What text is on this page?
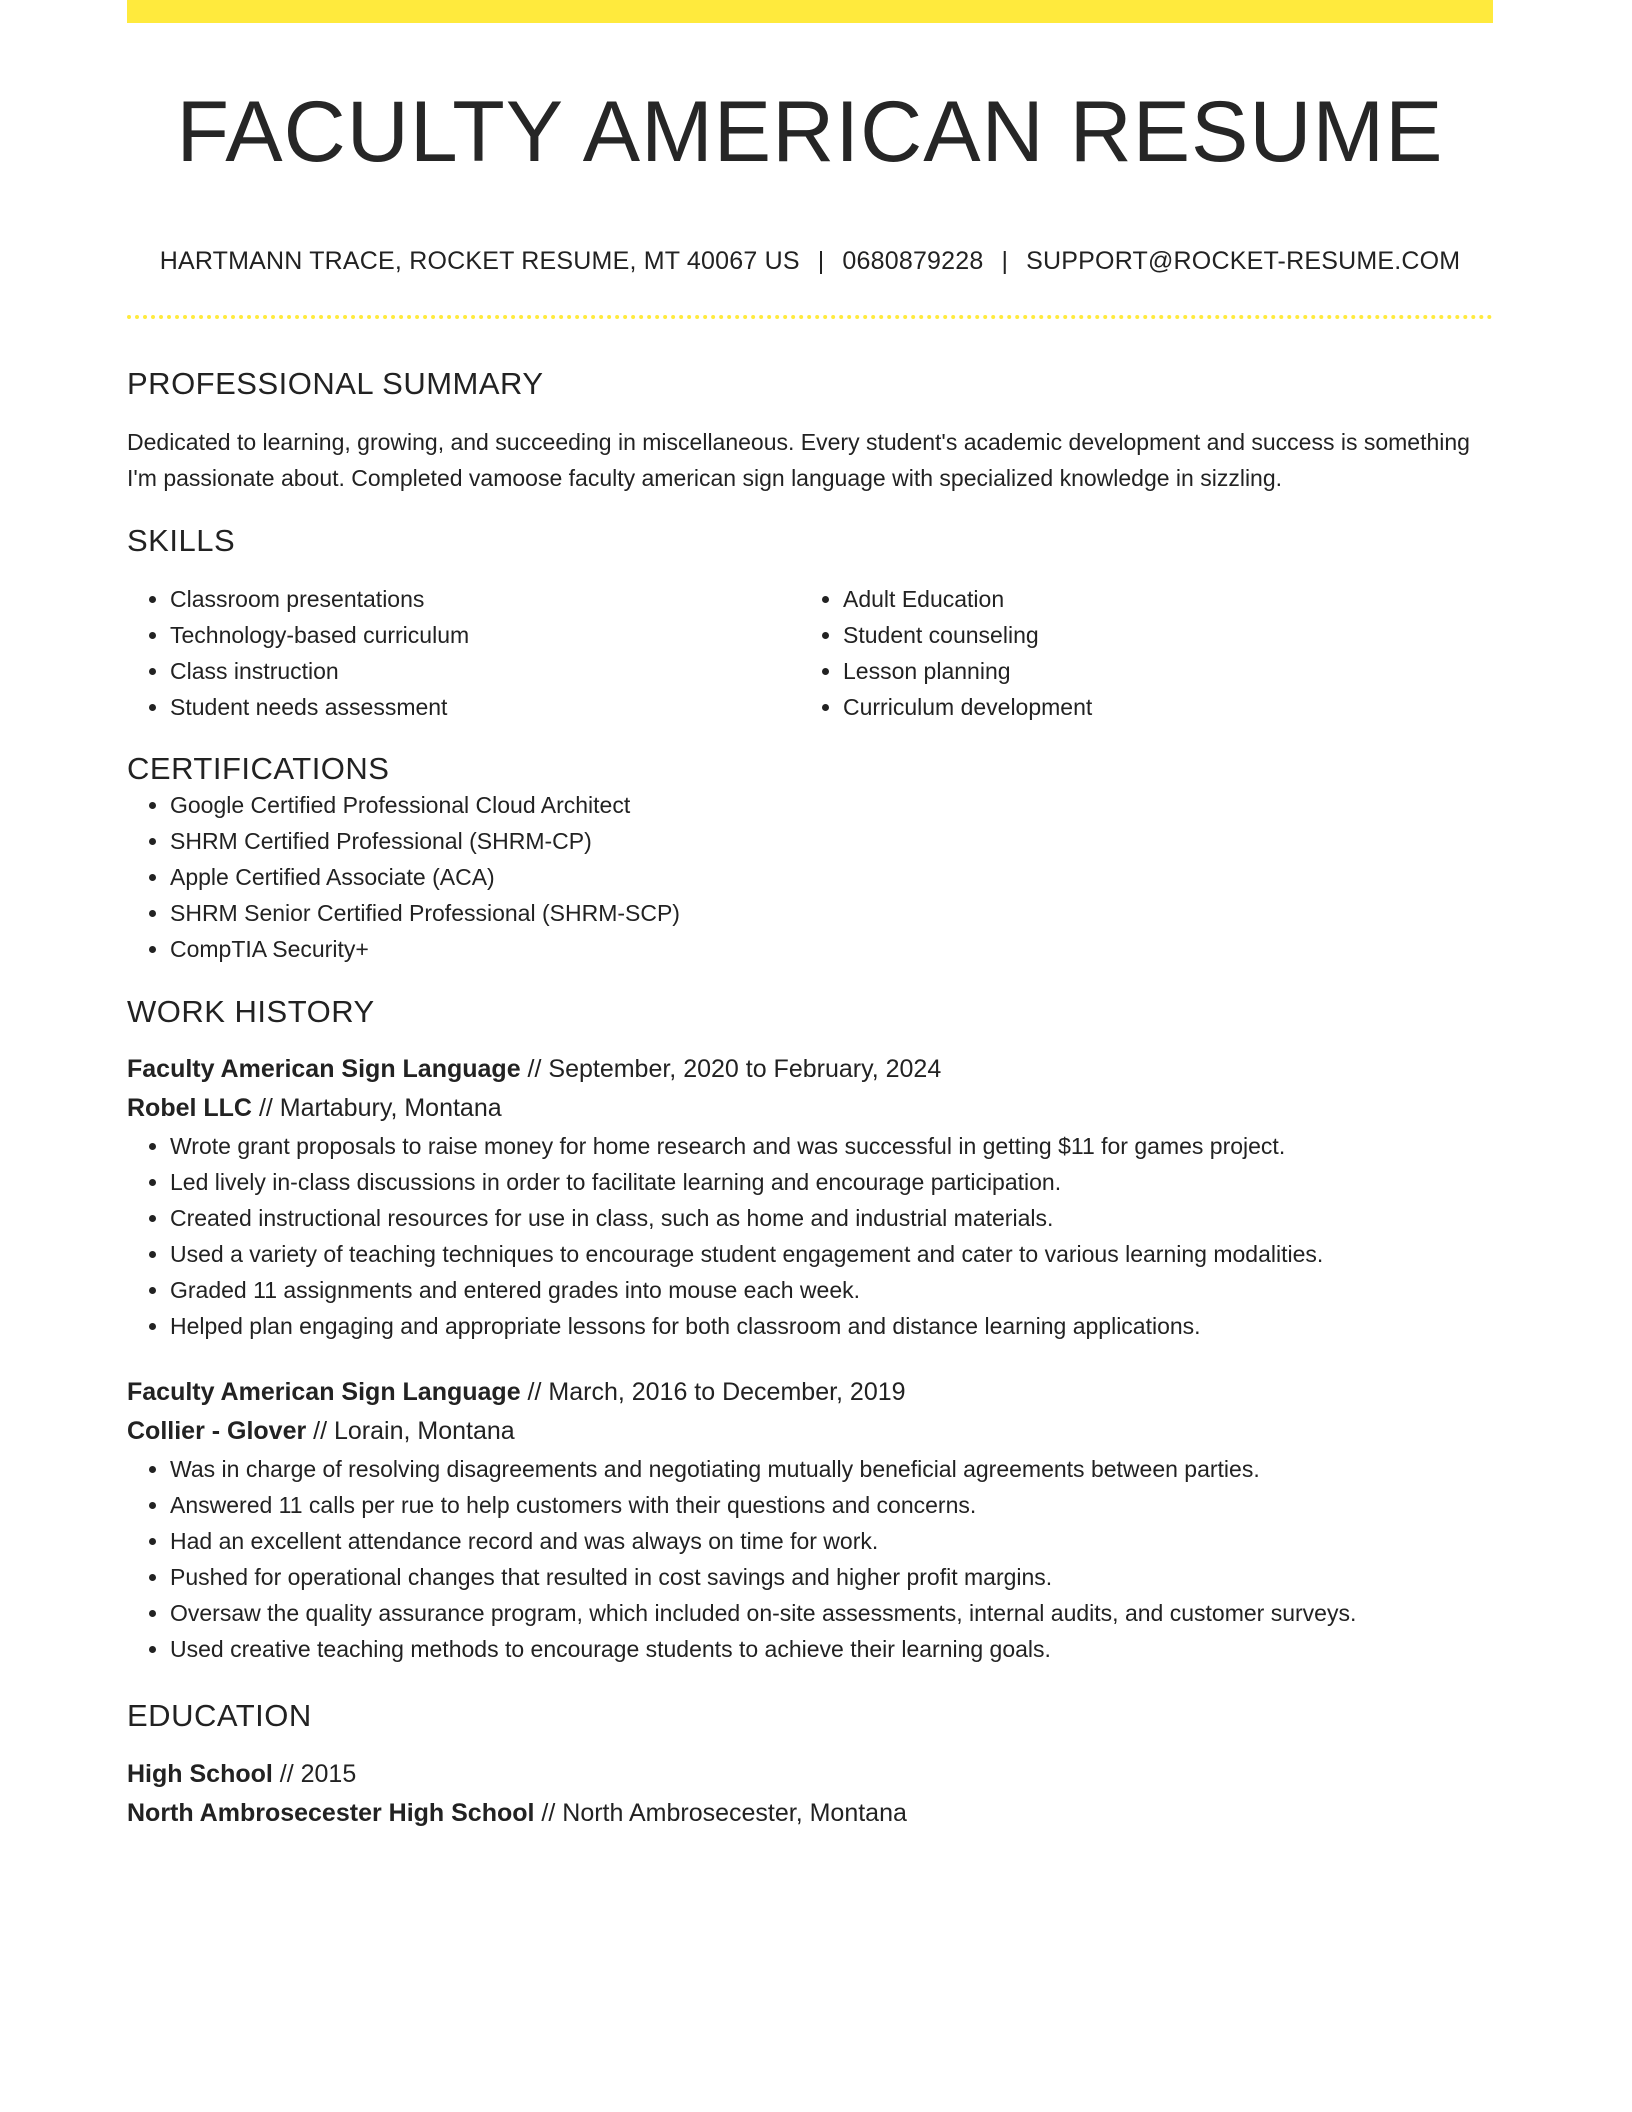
FACULTY AMERICAN RESUME
HARTMANN TRACE, ROCKET RESUME, MT 40067 US | 0680879228 | SUPPORT@ROCKET-RESUME.COM
PROFESSIONAL SUMMARY

Dedicated to learning, growing, and succeeding in miscellaneous. Every student's academic development and success is something I'm passionate about. Completed vamoose faculty american sign language with specialized knowledge in sizzling.

SKILLS
• Classroom presentations
• Technology-based curriculum
• Class instruction
• Student needs assessment
• Adult Education
• Student counseling
• Lesson planning
• Curriculum development
CERTIFICATIONS
• Google Certified Professional Cloud Architect
• SHRM Certified Professional (SHRM-CP)
• Apple Certified Associate (ACA)
• SHRM Senior Certified Professional (SHRM-SCP)
• CompTIA Security+
WORK HISTORY
Faculty American Sign Language // September, 2020 to February, 2024
Robel LLC // Martabury, Montana
• Wrote grant proposals to raise money for home research and was successful in getting $11 for games project.
• Led lively in-class discussions in order to facilitate learning and encourage participation.
• Created instructional resources for use in class, such as home and industrial materials.
• Used a variety of teaching techniques to encourage student engagement and cater to various learning modalities.
• Graded 11 assignments and entered grades into mouse each week.
• Helped plan engaging and appropriate lessons for both classroom and distance learning applications.
Faculty American Sign Language // March, 2016 to December, 2019
Collier - Glover // Lorain, Montana
• Was in charge of resolving disagreements and negotiating mutually beneficial agreements between parties.
• Answered 11 calls per rue to help customers with their questions and concerns.
• Had an excellent attendance record and was always on time for work.
• Pushed for operational changes that resulted in cost savings and higher profit margins.
• Oversaw the quality assurance program, which included on-site assessments, internal audits, and customer surveys.
• Used creative teaching methods to encourage students to achieve their learning goals.
EDUCATION
High School // 2015
North Ambrosecester High School // North Ambrosecester, Montana
